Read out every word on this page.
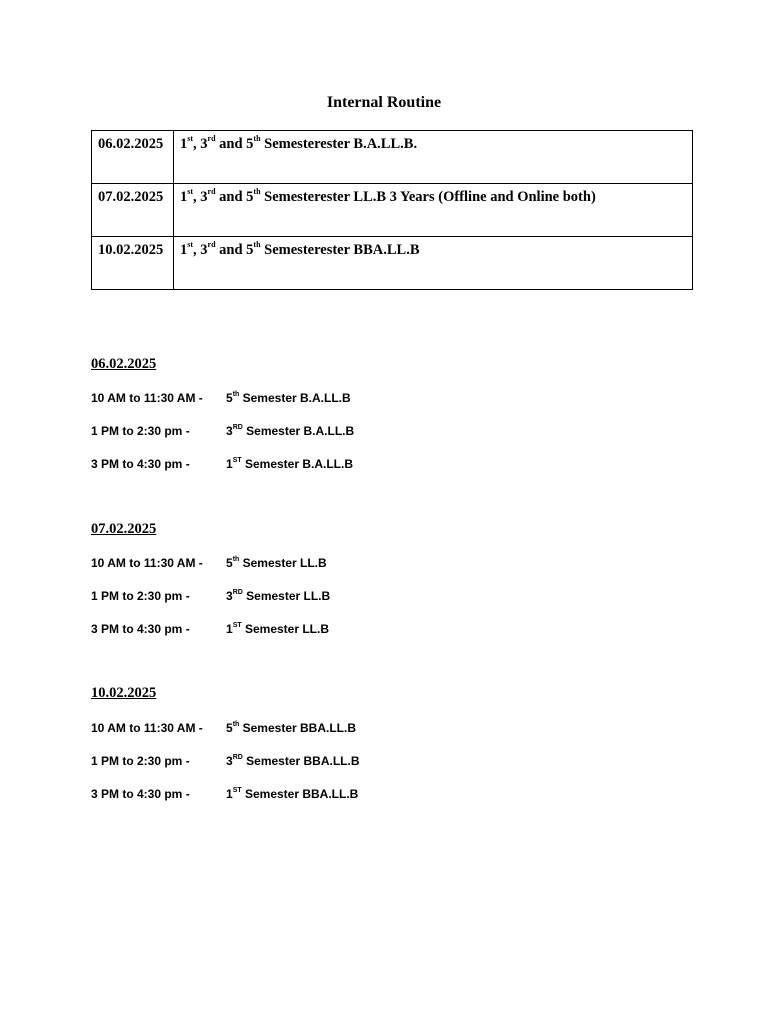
Internal Routine
06.02.2025	1st, 3rd and 5th Semesterester B.A.LL.B.
07.02.2025	1st, 3rd and 5th Semesterester LL.B 3 Years (Offline and Online both)
10.02.2025	1st, 3rd and 5th Semesterester BBA.LL.B
06.02.2025
10 AM to 11:30 AM - 5th Semester B.A.LL.B
1 PM to 2:30 pm -	3RD Semester B.A.LL.B
3 PM to 4:30 pm -	1ST Semester B.A.LL.B
07.02.2025
10 AM to 11:30 AM - 5th Semester LL.B
1 PM to 2:30 pm -	3RD Semester LL.B
3 PM to 4:30 pm -	1ST Semester LL.B
10.02.2025
10 AM to 11:30 AM - 5th Semester BBA.LL.B
1 PM to 2:30 pm -	3RD Semester BBA.LL.B
3 PM to 4:30 pm -	1ST Semester BBA.LL.B
